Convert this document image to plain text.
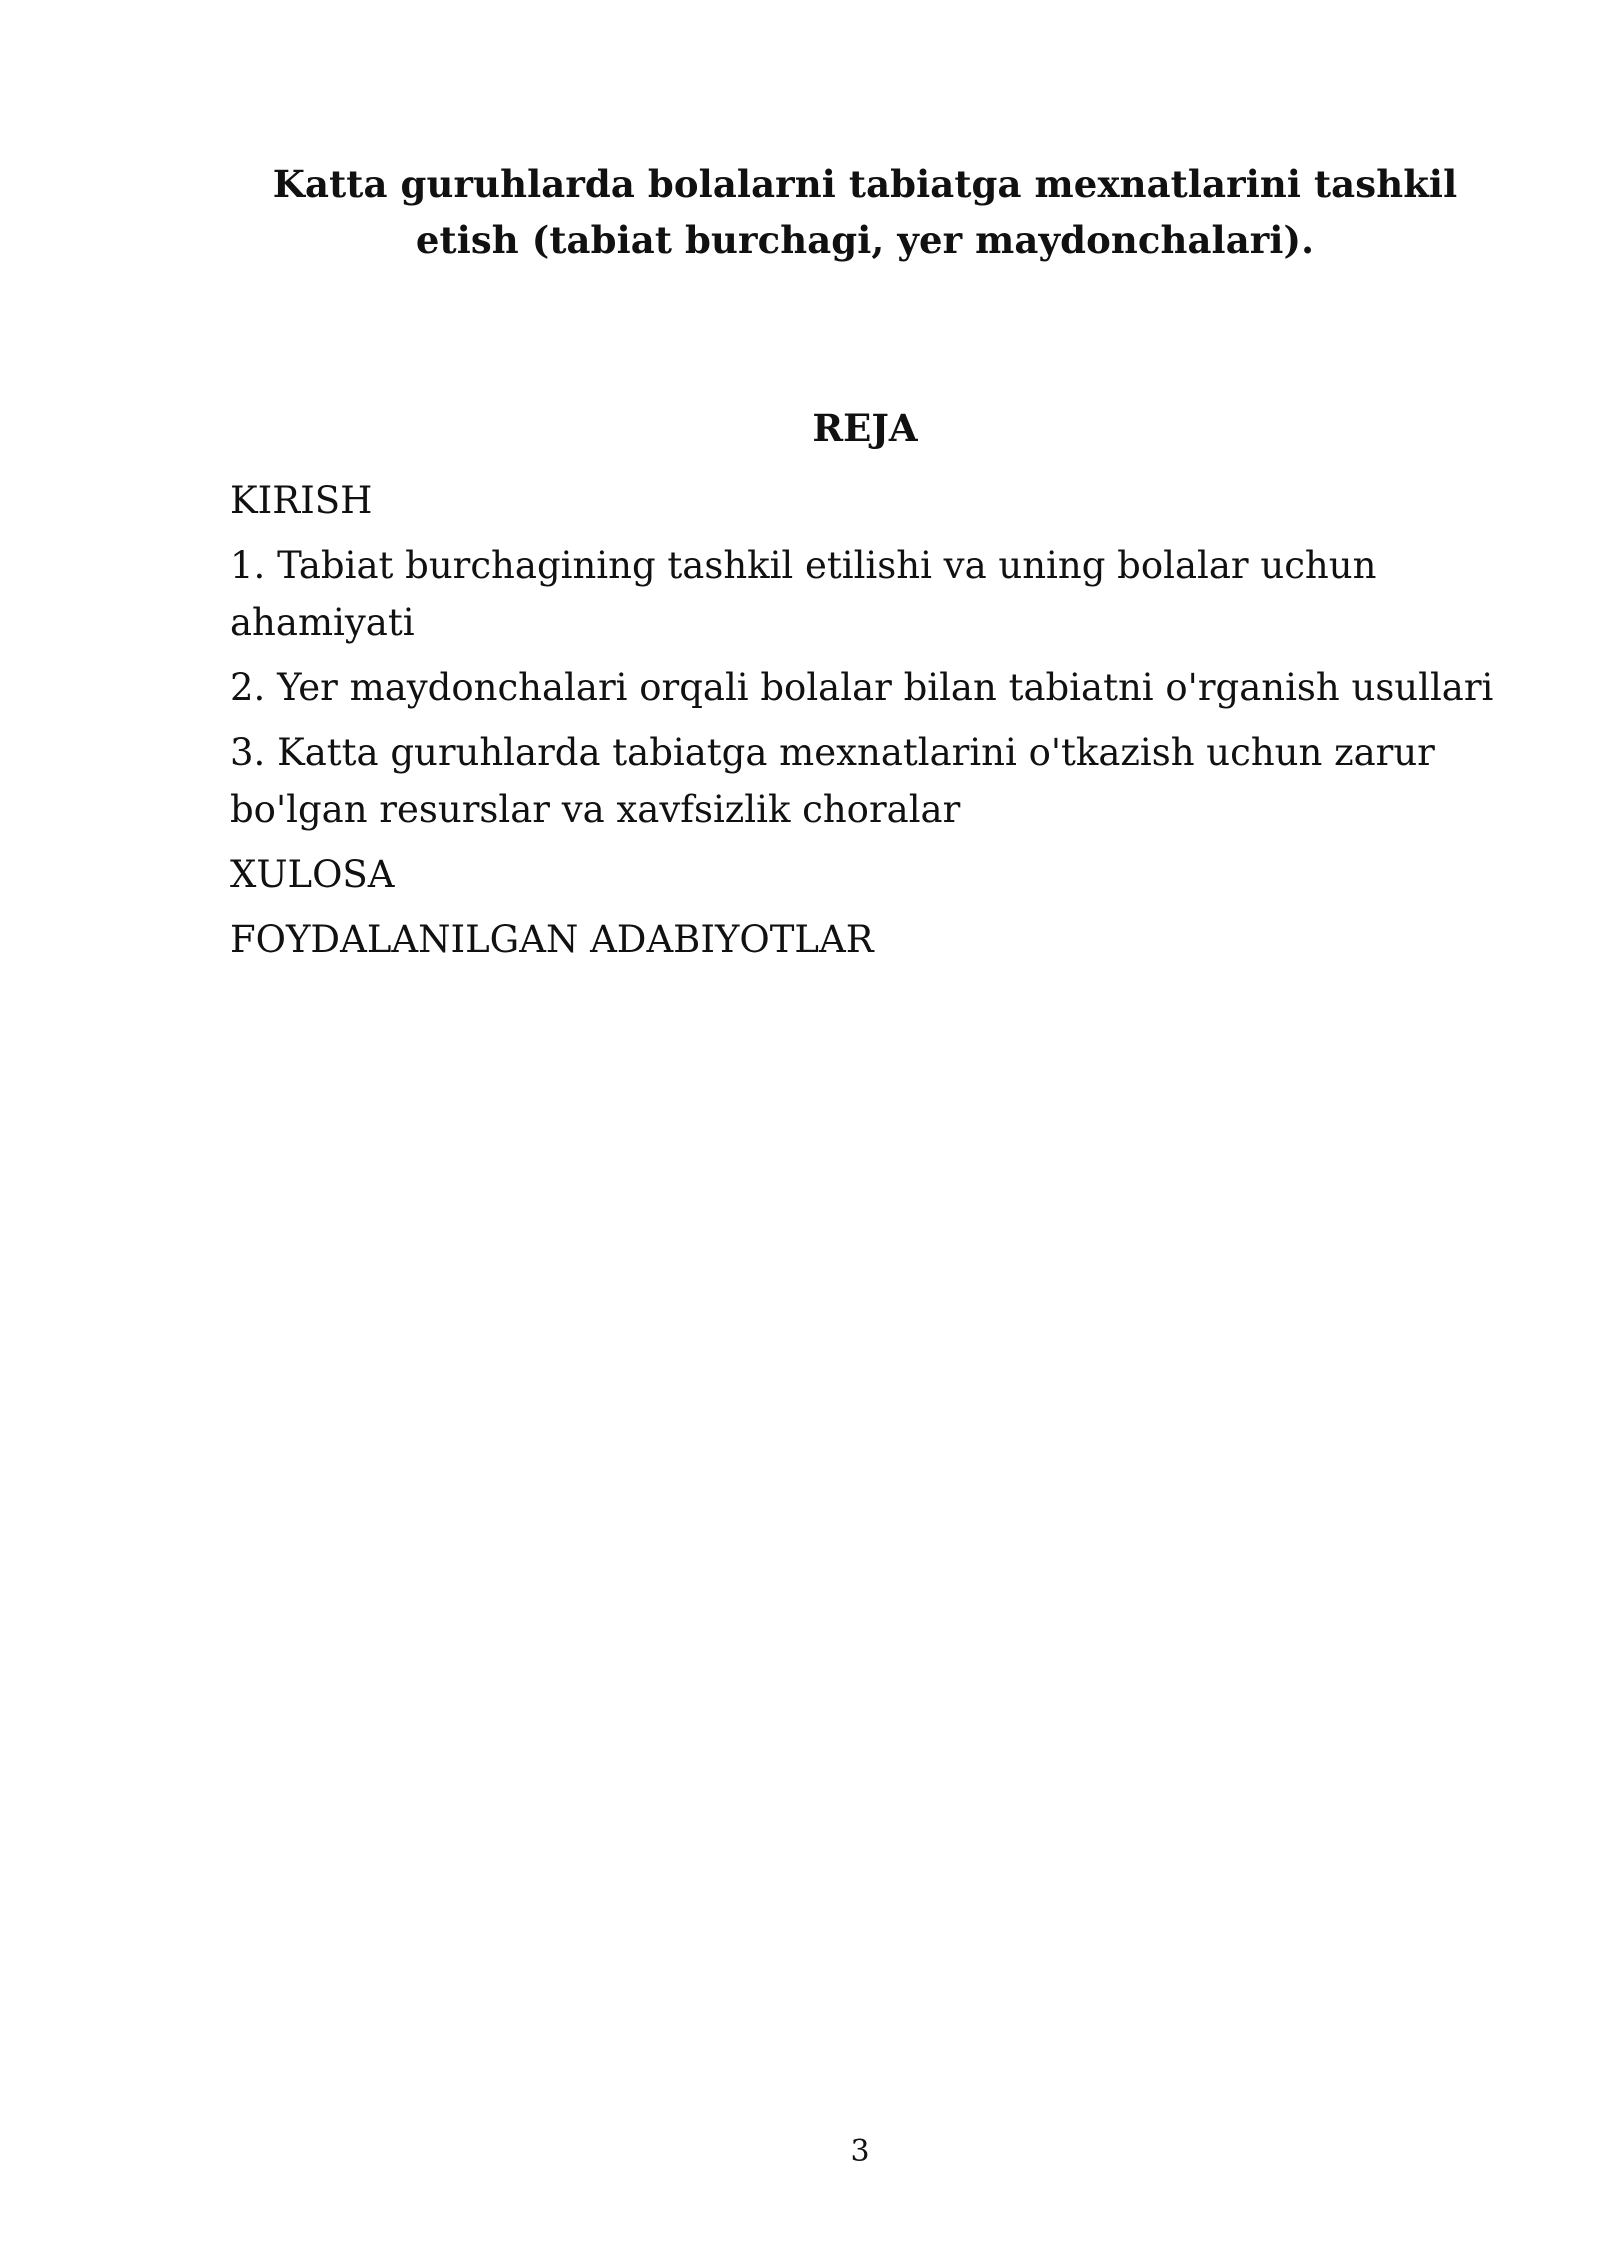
Katta guruhlarda bolalarni tabiatga mexnatlarini tashkil etish (tabiat burchagi, yer maydonchalari).
REJA
KIRISH
1. Tabiat burchagining tashkil etilishi va uning bolalar uchun ahamiyati
2. Yer maydonchalari orqali bolalar bilan tabiatni o'rganish usullari
3. Katta guruhlarda tabiatga mexnatlarini o'tkazish uchun zarur bo'lgan resurslar va xavfsizlik choralar
XULOSA
FOYDALANILGAN ADABIYOTLAR
3
